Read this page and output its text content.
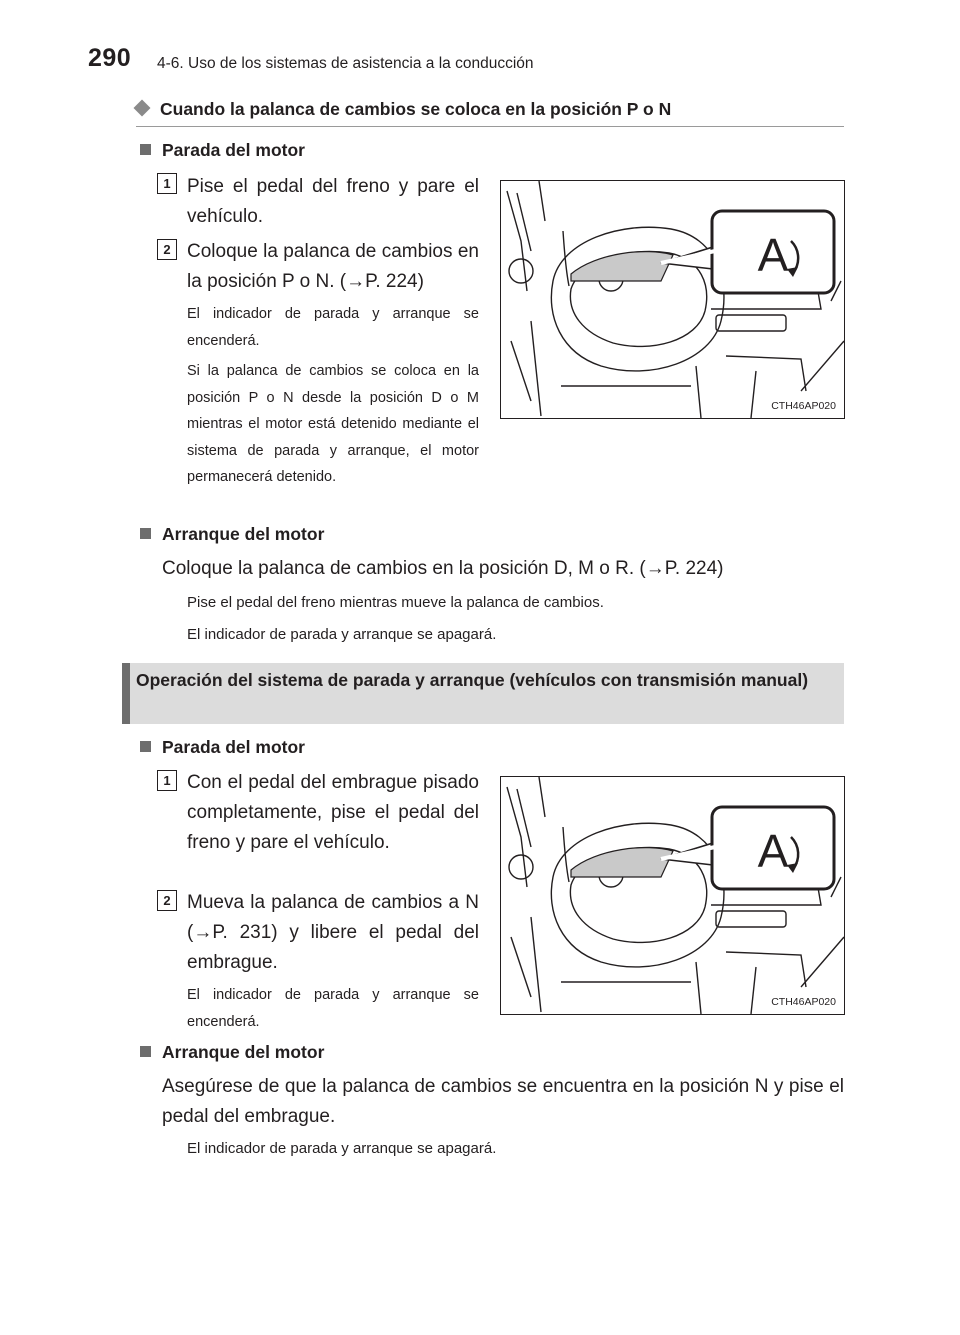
290 4-6. Uso de los sistemas de asistencia a la conducción
Cuando la palanca de cambios se coloca en la posición P o N
Parada del motor
1 Pise el pedal del freno y pare el vehículo.
2 Coloque la palanca de cambios en la posición P o N. (→P. 224)
El indicador de parada y arranque se encenderá.
Si la palanca de cambios se coloca en la posición P o N desde la posición D o M mientras el motor está detenido mediante el sistema de parada y arranque, el motor permanecerá detenido.
A
CTH46AP020
Arranque del motor
Coloque la palanca de cambios en la posición D, M o R. (→P. 224)
Pise el pedal del freno mientras mueve la palanca de cambios.
El indicador de parada y arranque se apagará.
Operación del sistema de parada y arranque (vehículos con transmisión manual)
Parada del motor
1 Con el pedal del embrague pisado completamente, pise el pedal del freno y pare el vehículo.
2 Mueva la palanca de cambios a N (→P. 231) y libere el pedal del embrague.
El indicador de parada y arranque se encenderá.
A
CTH46AP020
Arranque del motor
Asegúrese de que la palanca de cambios se encuentra en la posición N y pise el pedal del embrague.
El indicador de parada y arranque se apagará.
